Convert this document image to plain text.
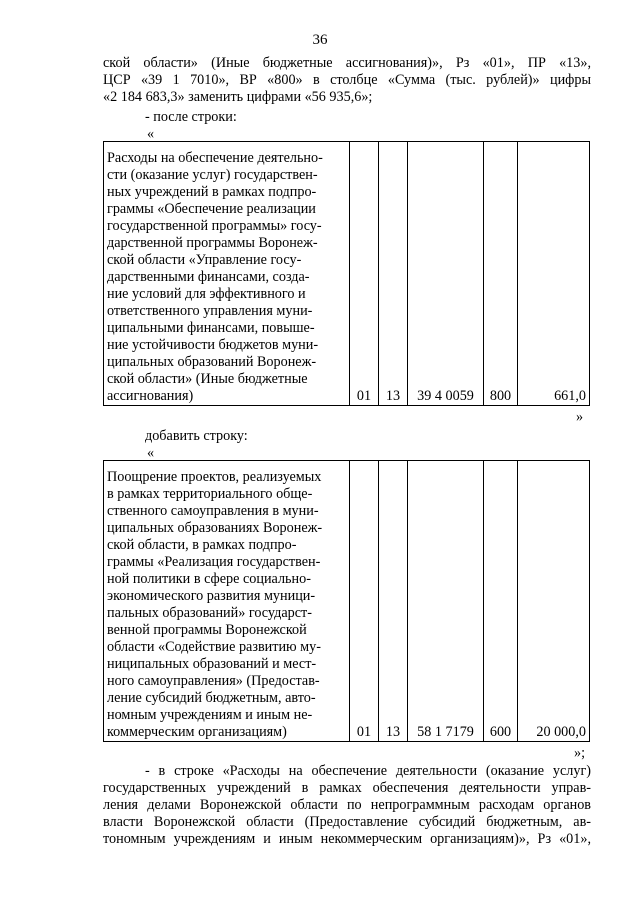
36
ской области» (Иные бюджетные ассигнования)», Рз «01», ПР «13»,
ЦСР «39 1 7010», ВР «800» в столбце «Сумма (тыс. рублей)» цифры
«2 184 683,3» заменить цифрами «56 935,6»;
- после строки:
«
Расходы на обеспечение деятельно-
сти (оказание услуг) государствен-
ных учреждений в рамках подпро-
граммы «Обеспечение реализации
государственной программы» госу-
дарственной программы Воронеж-
ской области «Управление госу-
дарственными финансами, созда-
ние условий для эффективного и
ответственного управления муни-
ципальными финансами, повыше-
ние устойчивости бюджетов муни-
ципальных образований Воронеж-
ской области» (Иные бюджетные
ассигнования)	01	13	39 4 0059	800	661,0
»
добавить строку:
«
Поощрение проектов, реализуемых
в рамках территориального обще-
ственного самоуправления в муни-
ципальных образованиях Воронеж-
ской области, в рамках подпро-
граммы «Реализация государствен-
ной политики в сфере социально-
экономического развития муници-
пальных образований» государст-
венной программы Воронежской
области «Содействие развитию му-
ниципальных образований и мест-
ного самоуправления» (Предостав-
ление субсидий бюджетным, авто-
номным учреждениям и иным не-
коммерческим организациям)	01	13	58 1 7179	600	20 000,0
»;
- в строке «Расходы на обеспечение деятельности (оказание услуг)
государственных учреждений в рамках обеспечения деятельности управ-
ления делами Воронежской области по непрограммным расходам органов
власти Воронежской области (Предоставление субсидий бюджетным, ав-
тономным учреждениям и иным некоммерческим организациям)», Рз «01»,
